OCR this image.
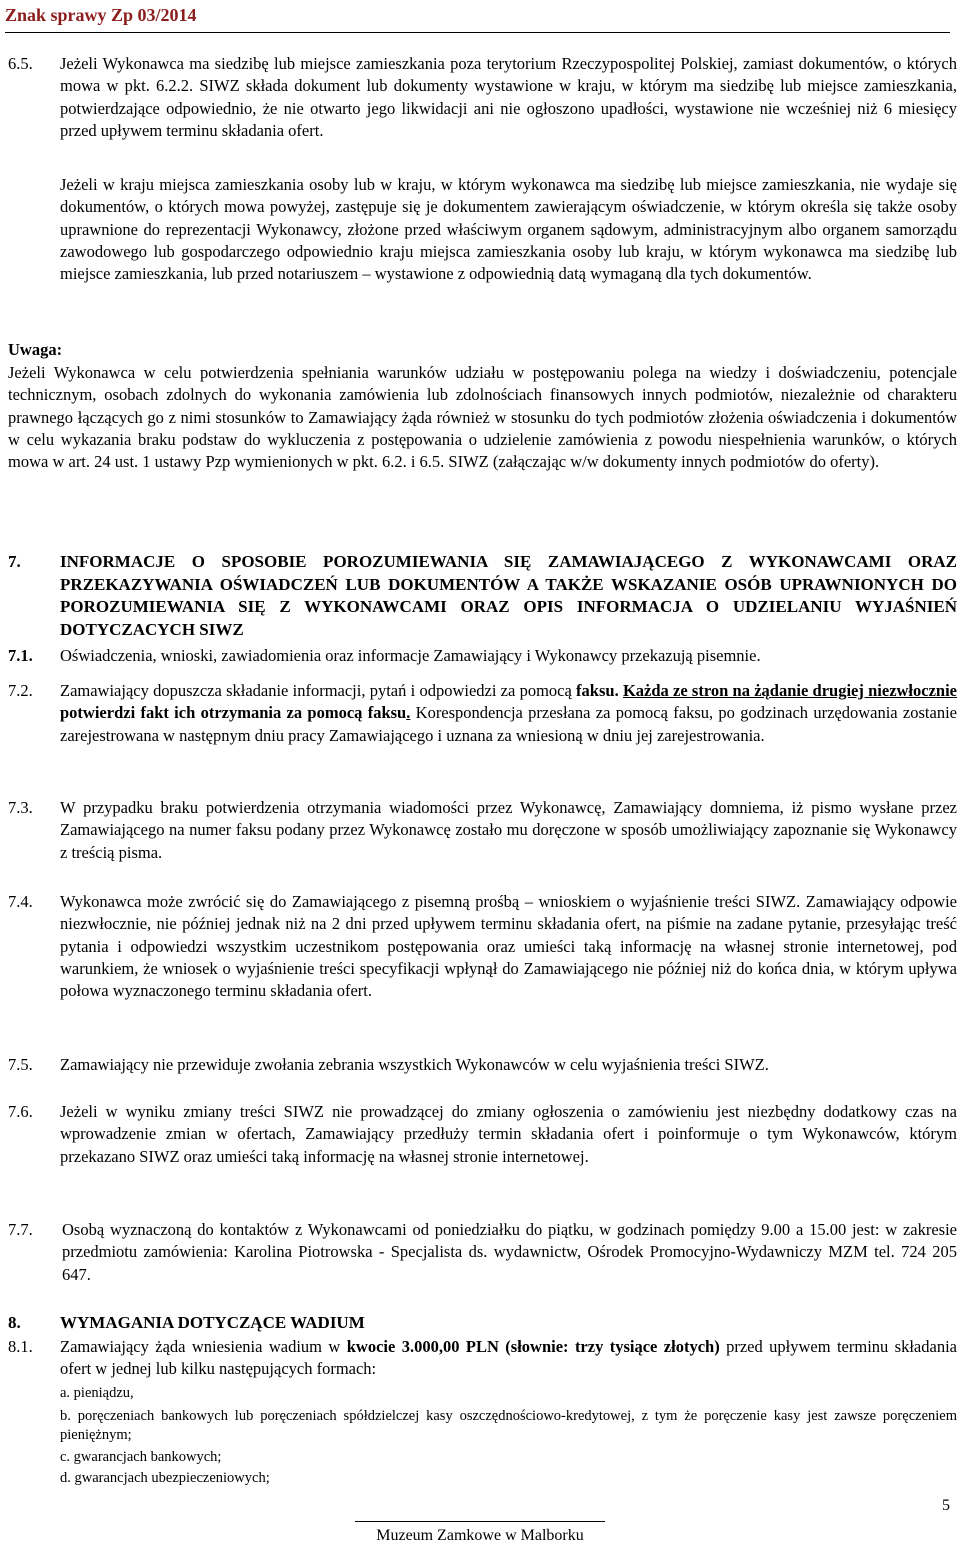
Znak sprawy Zp 03/2014
6.5. Jeżeli Wykonawca ma siedzibę lub miejsce zamieszkania poza terytorium Rzeczypospolitej Polskiej, zamiast dokumentów, o których mowa w pkt. 6.2.2. SIWZ składa dokument lub dokumenty wystawione w kraju, w którym ma siedzibę lub miejsce zamieszkania, potwierdzające odpowiednio, że nie otwarto jego likwidacji ani nie ogłoszono upadłości, wystawione nie wcześniej niż 6 miesięcy przed upływem terminu składania ofert.
Jeżeli w kraju miejsca zamieszkania osoby lub w kraju, w którym wykonawca ma siedzibę lub miejsce zamieszkania, nie wydaje się dokumentów, o których mowa powyżej, zastępuje się je dokumentem zawierającym oświadczenie, w którym określa się także osoby uprawnione do reprezentacji Wykonawcy, złożone przed właściwym organem sądowym, administracyjnym albo organem samorządu zawodowego lub gospodarczego odpowiednio kraju miejsca zamieszkania osoby lub kraju, w którym wykonawca ma siedzibę lub miejsce zamieszkania, lub przed notariuszem – wystawione z odpowiednią datą wymaganą dla tych dokumentów.
Uwaga:
Jeżeli Wykonawca w celu potwierdzenia spełniania warunków udziału w postępowaniu polega na wiedzy i doświadczeniu, potencjale technicznym, osobach zdolnych do wykonania zamówienia lub zdolnościach finansowych innych podmiotów, niezależnie od charakteru prawnego łączących go z nimi stosunków to Zamawiający żąda również w stosunku do tych podmiotów złożenia oświadczenia i dokumentów w celu wykazania braku podstaw do wykluczenia z postępowania o udzielenie zamówienia z powodu niespełnienia warunków, o których mowa w art. 24 ust. 1 ustawy Pzp wymienionych w pkt. 6.2. i 6.5. SIWZ (załączając w/w dokumenty innych podmiotów do oferty).
7. INFORMACJE O SPOSOBIE POROZUMIEWANIA SIĘ ZAMAWIAJĄCEGO Z WYKONAWCAMI ORAZ PRZEKAZYWANIA OŚWIADCZEŃ LUB DOKUMENTÓW A TAKŻE WSKAZANIE OSÓB UPRAWNIONYCH DO POROZUMIEWANIA SIĘ Z WYKONAWCAMI ORAZ OPIS INFORMACJA O UDZIELANIU WYJAŚNIEŃ DOTYCZACYCH SIWZ
7.1. Oświadczenia, wnioski, zawiadomienia oraz informacje Zamawiający i Wykonawcy przekazują pisemnie.
7.2. Zamawiający dopuszcza składanie informacji, pytań i odpowiedzi za pomocą faksu. Każda ze stron na żądanie drugiej niezwłocznie potwierdzi fakt ich otrzymania za pomocą faksu. Korespondencja przesłana za pomocą faksu, po godzinach urzędowania zostanie zarejestrowana w następnym dniu pracy Zamawiającego i uznana za wniesioną w dniu jej zarejestrowania.
7.3. W przypadku braku potwierdzenia otrzymania wiadomości przez Wykonawcę, Zamawiający domniema, iż pismo wysłane przez Zamawiającego na numer faksu podany przez Wykonawcę zostało mu doręczone w sposób umożliwiający zapoznanie się Wykonawcy z treścią pisma.
7.4. Wykonawca może zwrócić się do Zamawiającego z pisemną prośbą – wnioskiem o wyjaśnienie treści SIWZ. Zamawiający odpowie niezwłocznie, nie później jednak niż na 2 dni przed upływem terminu składania ofert, na piśmie na zadane pytanie, przesyłając treść pytania i odpowiedzi wszystkim uczestnikom postępowania oraz umieści taką informację na własnej stronie internetowej, pod warunkiem, że wniosek o wyjaśnienie treści specyfikacji wpłynął do Zamawiającego nie później niż do końca dnia, w którym upływa połowa wyznaczonego terminu składania ofert.
7.5. Zamawiający nie przewiduje zwołania zebrania wszystkich Wykonawców w celu wyjaśnienia treści SIWZ.
7.6. Jeżeli w wyniku zmiany treści SIWZ nie prowadzącej do zmiany ogłoszenia o zamówieniu jest niezbędny dodatkowy czas na wprowadzenie zmian w ofertach, Zamawiający przedłuży termin składania ofert i poinformuje o tym Wykonawców, którym przekazano SIWZ oraz umieści taką informację na własnej stronie internetowej.
7.7. Osobą wyznaczoną do kontaktów z Wykonawcami od poniedziałku do piątku, w godzinach pomiędzy 9.00 a 15.00 jest: w zakresie przedmiotu zamówienia: Karolina Piotrowska - Specjalista ds. wydawnictw, Ośrodek Promocyjno-Wydawniczy MZM tel. 724 205 647.
8. WYMAGANIA DOTYCZĄCE WADIUM
8.1. Zamawiający żąda wniesienia wadium w kwocie 3.000,00 PLN (słownie: trzy tysiące złotych) przed upływem terminu składania ofert w jednej lub kilku następujących formach:
a. pieniądzu,
b. poręczeniach bankowych lub poręczeniach spółdzielczej kasy oszczędnościowo-kredytowej, z tym że poręczenie kasy jest zawsze poręczeniem pieniężnym;
c. gwarancjach bankowych;
d. gwarancjach ubezpieczeniowych;
5
Muzeum Zamkowe w Malborku
